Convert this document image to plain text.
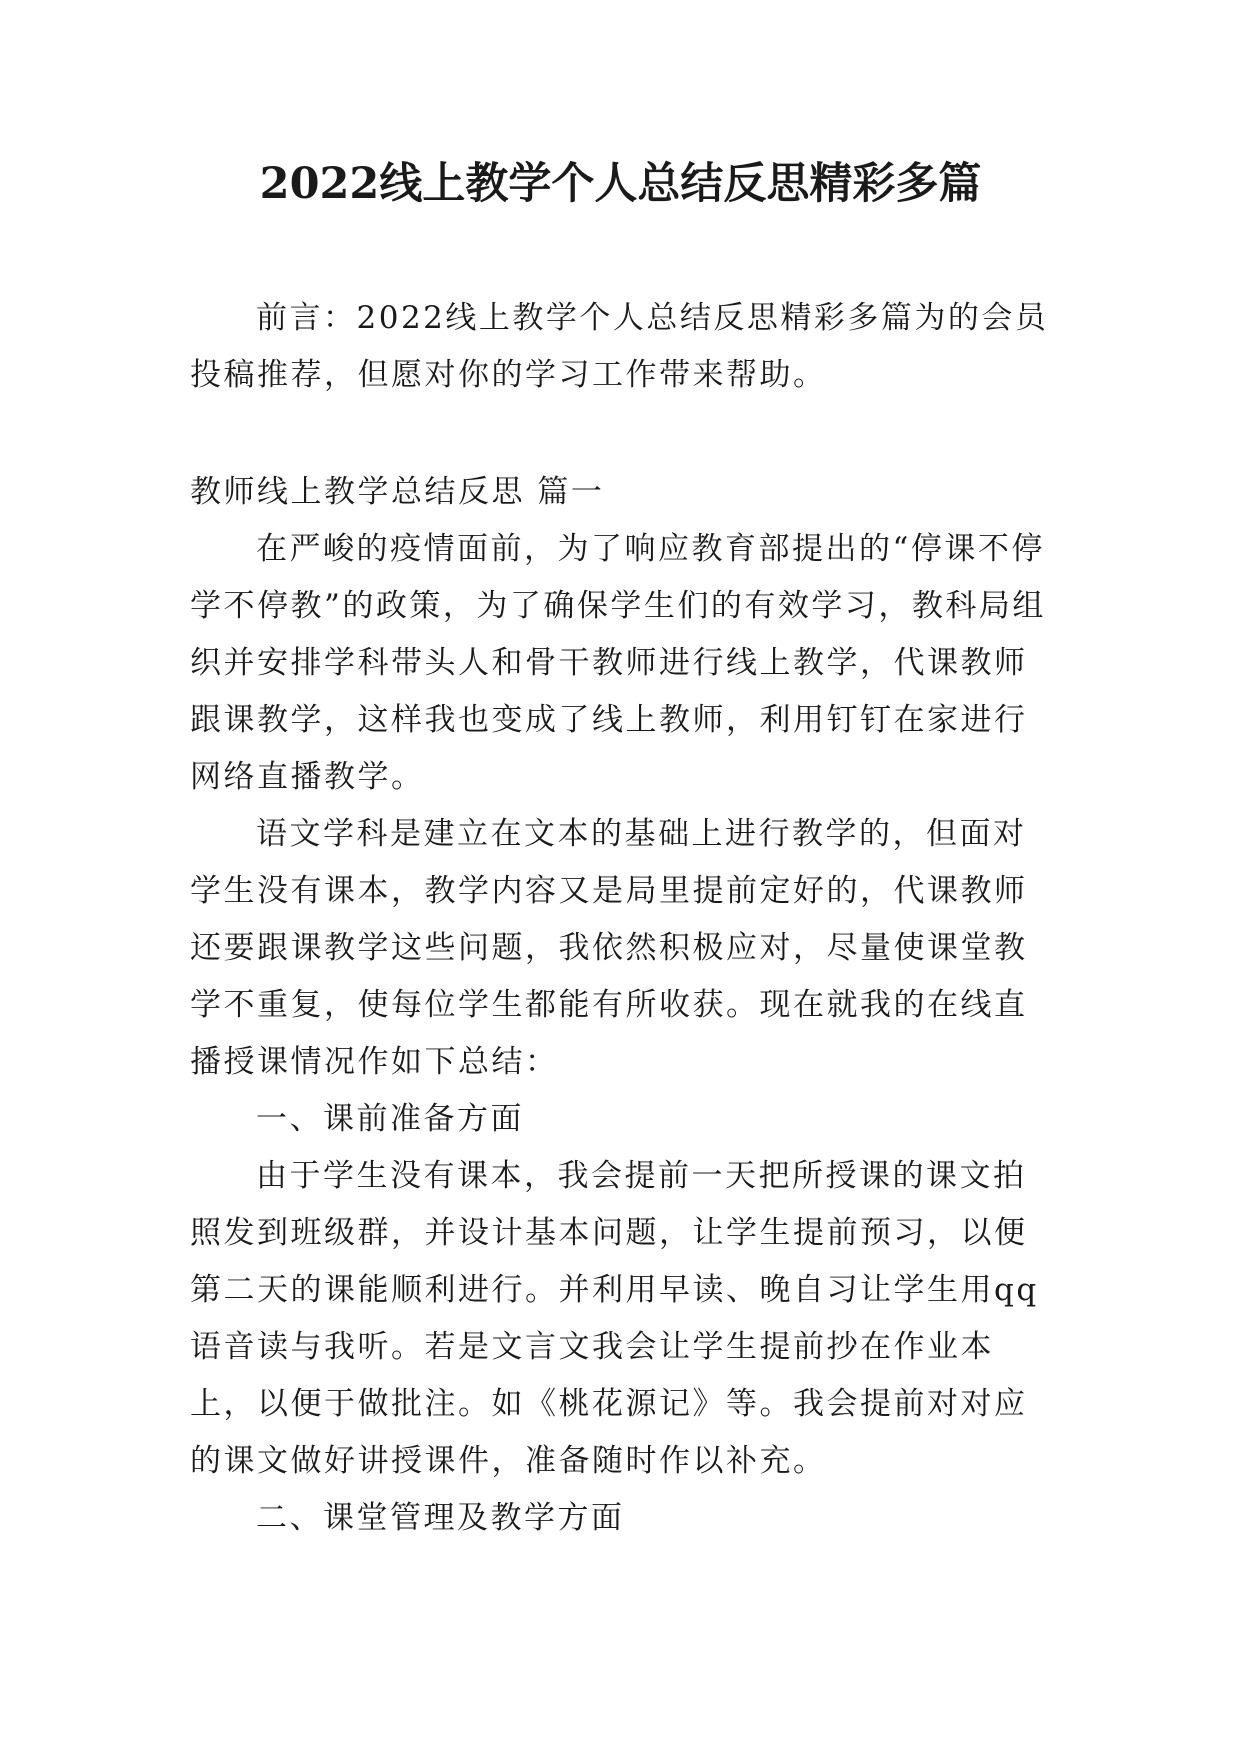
2022线上教学个人总结反思精彩多篇

前言：2022线上教学个人总结反思精彩多篇为的会员投稿推荐，但愿对你的学习工作带来帮助。

教师线上教学总结反思 篇一

在严峻的疫情面前，为了响应教育部提出的“停课不停学不停教”的政策，为了确保学生们的有效学习，教科局组织并安排学科带头人和骨干教师进行线上教学，代课教师跟课教学，这样我也变成了线上教师，利用钉钉在家进行网络直播教学。

语文学科是建立在文本的基础上进行教学的，但面对学生没有课本，教学内容又是局里提前定好的，代课教师还要跟课教学这些问题，我依然积极应对，尽量使课堂教学不重复，使每位学生都能有所收获。现在就我的在线直播授课情况作如下总结：

一、课前准备方面

由于学生没有课本，我会提前一天把所授课的课文拍照发到班级群，并设计基本问题，让学生提前预习，以便第二天的课能顺利进行。并利用早读、晚自习让学生用qq语音读与我听。若是文言文我会让学生提前抄在作业本上，以便于做批注。如《桃花源记》等。我会提前对对应的课文做好讲授课件，准备随时作以补充。

二、课堂管理及教学方面
